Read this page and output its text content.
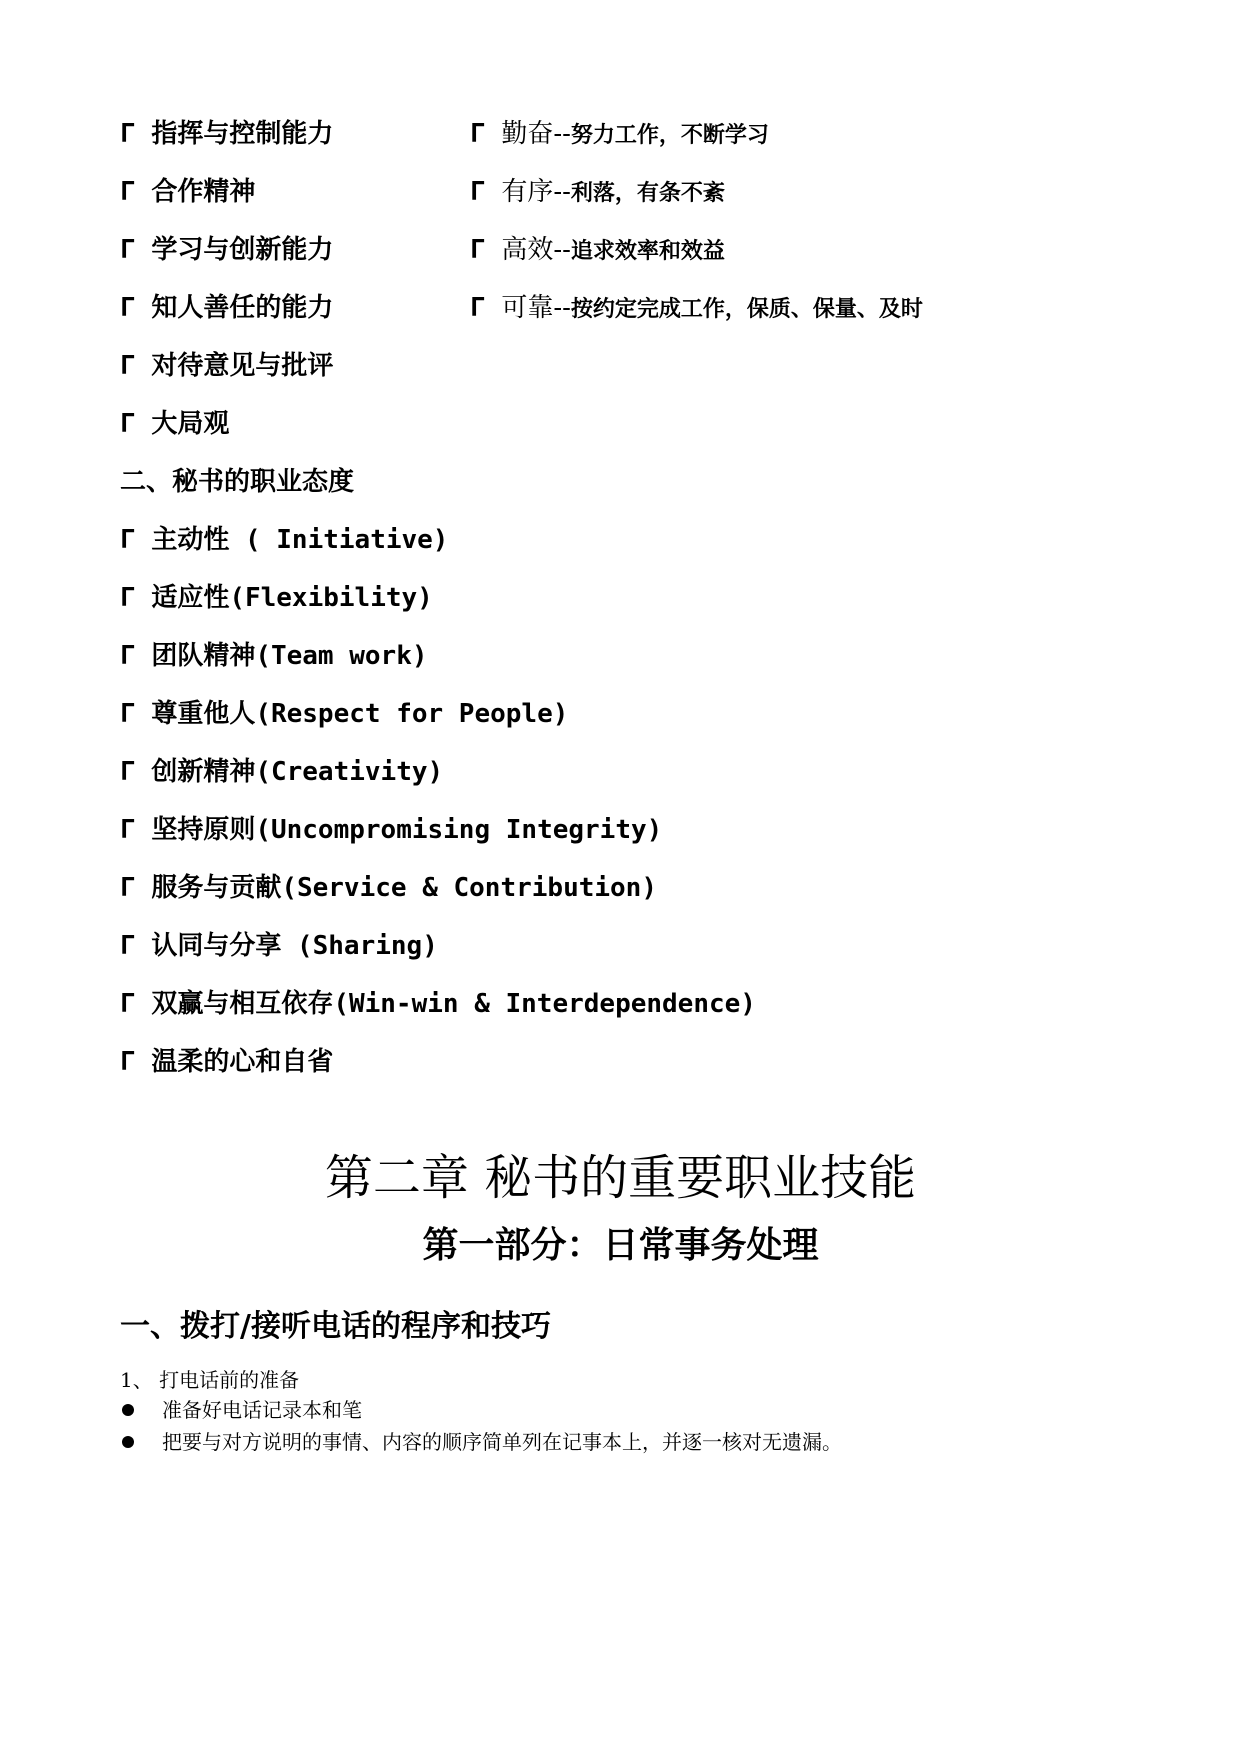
Γ 指挥与控制能力
Γ 合作精神
Γ 学习与创新能力
Γ 知人善任的能力
Γ 对待意见与批评
Γ 大局观
Γ 勤奋--努力工作，不断学习
Γ 有序--利落，有条不紊
Γ 高效--追求效率和效益
Γ 可靠--按约定完成工作，保质、保量、及时
二、秘书的职业态度
Γ 主动性 ( Initiative)
Γ 适应性(Flexibility)
Γ 团队精神(Team work)
Γ 尊重他人(Respect for People)
Γ 创新精神(Creativity)
Γ 坚持原则(Uncompromising Integrity)
Γ 服务与贡献(Service & Contribution)
Γ 认同与分享 (Sharing)
Γ 双赢与相互依存(Win-win & Interdependence)
Γ 温柔的心和自省
第二章 秘书的重要职业技能
第一部分：日常事务处理
一、拨打/接听电话的程序和技巧
1、 打电话前的准备
准备好电话记录本和笔
把要与对方说明的事情、内容的顺序简单列在记事本上，并逐一核对无遗漏。
